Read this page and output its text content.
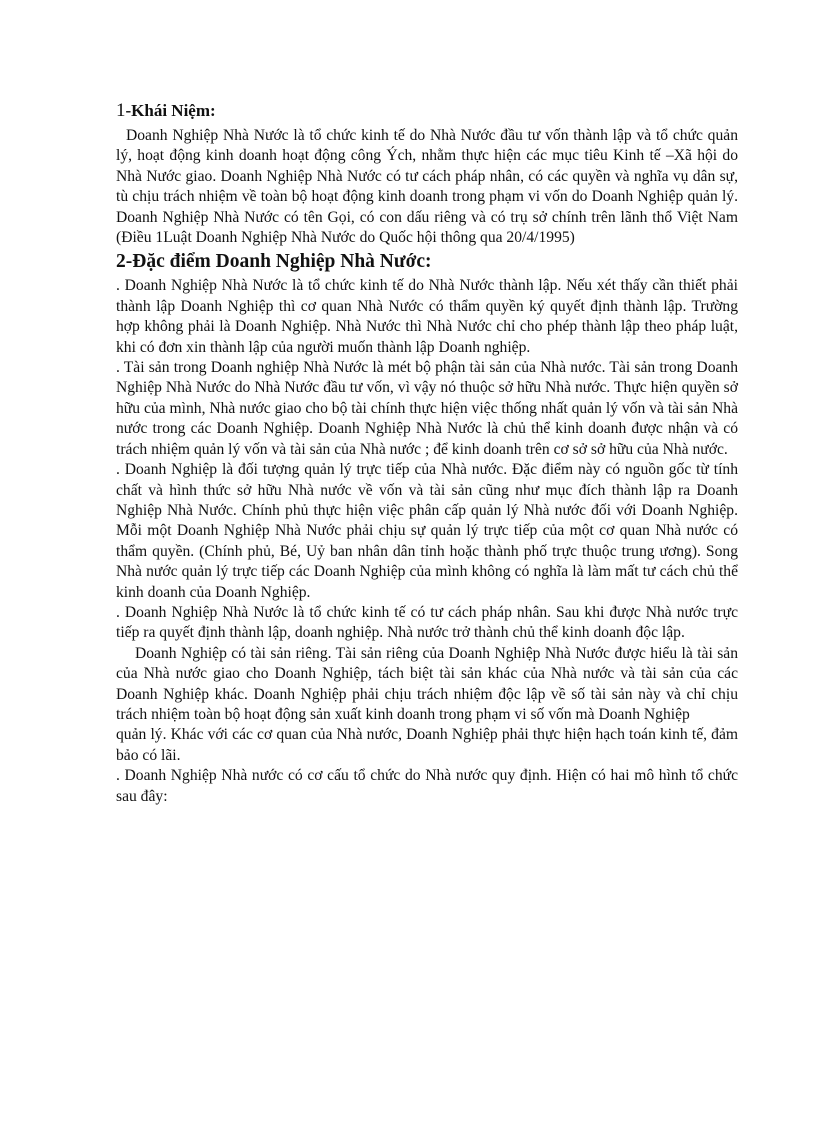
1-Khái Niệm:

Doanh Nghiệp Nhà Nước là tổ chức kinh tế do Nhà Nước đầu tư vốn thành lập và tổ chức quản lý, hoạt động kinh doanh hoạt động công Ých, nhằm thực hiện các mục tiêu Kinh tế –Xã hội do Nhà Nước giao. Doanh Nghiệp Nhà Nước có tư cách pháp nhân, có các quyền và nghĩa vụ dân sự, tù chịu trách nhiệm về toàn bộ hoạt động kinh doanh trong phạm vi vốn do Doanh Nghiệp quản lý. Doanh Nghiệp Nhà Nước có tên Gọi, có con dấu riêng và có trụ sở chính trên lãnh thổ Việt Nam (Điều 1Luật Doanh Nghiệp Nhà Nước do Quốc hội thông qua 20/4/1995)

2-Đặc điểm Doanh Nghiệp Nhà Nước:

. Doanh Nghiệp Nhà Nước là tổ chức kinh tế do Nhà Nước thành lập. Nếu xét thấy cần thiết phải thành lập Doanh Nghiệp thì cơ quan Nhà Nước có thẩm quyền ký quyết định thành lập. Trường hợp không phải là Doanh Nghiệp. Nhà Nước thì Nhà Nước chỉ cho phép thành lập theo pháp luật, khi có đơn xin thành lập của người muốn thành lập Doanh nghiệp.

. Tài sản trong Doanh nghiệp Nhà Nước là mét bộ phận tài sản của Nhà nước. Tài sản trong Doanh Nghiệp Nhà Nước do Nhà Nước đầu tư vốn, vì vậy nó thuộc sở hữu Nhà nước. Thực hiện quyền sở hữu của mình, Nhà nước giao cho bộ tài chính thực hiện việc thống nhất quản lý vốn và tài sản Nhà nước trong các Doanh Nghiệp. Doanh Nghiệp Nhà Nước là chủ thể kinh doanh được nhận và có trách nhiệm quản lý vốn và tài sản của Nhà nước ; để kinh doanh trên cơ sở sở hữu của Nhà nước.

. Doanh Nghiệp là đối tượng quản lý trực tiếp của Nhà nước. Đặc điểm này có nguồn gốc từ tính chất và hình thức sở hữu Nhà nước về vốn và tài sản cũng như mục đích thành lập ra Doanh Nghiệp Nhà Nước. Chính phủ thực hiện việc phân cấp quản lý Nhà nước đối với Doanh Nghiệp. Mỗi một Doanh Nghiệp Nhà Nước phải chịu sự quản lý trực tiếp của một cơ quan Nhà nước có thẩm quyền. (Chính phủ, Bé, Uỷ ban nhân dân tỉnh hoặc thành phố trực thuộc trung ương). Song Nhà nước quản lý trực tiếp các Doanh Nghiệp của mình không có nghĩa là làm mất tư cách chủ thể kinh doanh của Doanh Nghiệp.

. Doanh Nghiệp Nhà Nước là tổ chức kinh tế có tư cách pháp nhân. Sau khi được Nhà nước trực tiếp ra quyết định thành lập, doanh nghiệp. Nhà nước trở thành chủ thể kinh doanh độc lập.

Doanh Nghiệp có tài sản riêng. Tài sản riêng của Doanh Nghiệp Nhà Nước được hiểu là tài sản của Nhà nước giao cho Doanh Nghiệp, tách biệt tài sản khác của Nhà nước và tài sản của các Doanh Nghiệp khác. Doanh Nghiệp phải chịu trách nhiệm độc lập về số tài sản này và chỉ chịu trách nhiệm toàn bộ hoạt động sản xuất kinh doanh trong phạm vi số vốn mà Doanh Nghiệp

quản lý. Khác với các cơ quan của Nhà nước, Doanh Nghiệp phải thực hiện hạch toán kinh tế, đảm bảo có lãi.

. Doanh Nghiệp Nhà nước có cơ cấu tổ chức do Nhà nước quy định. Hiện có hai mô hình tổ chức sau đây:
